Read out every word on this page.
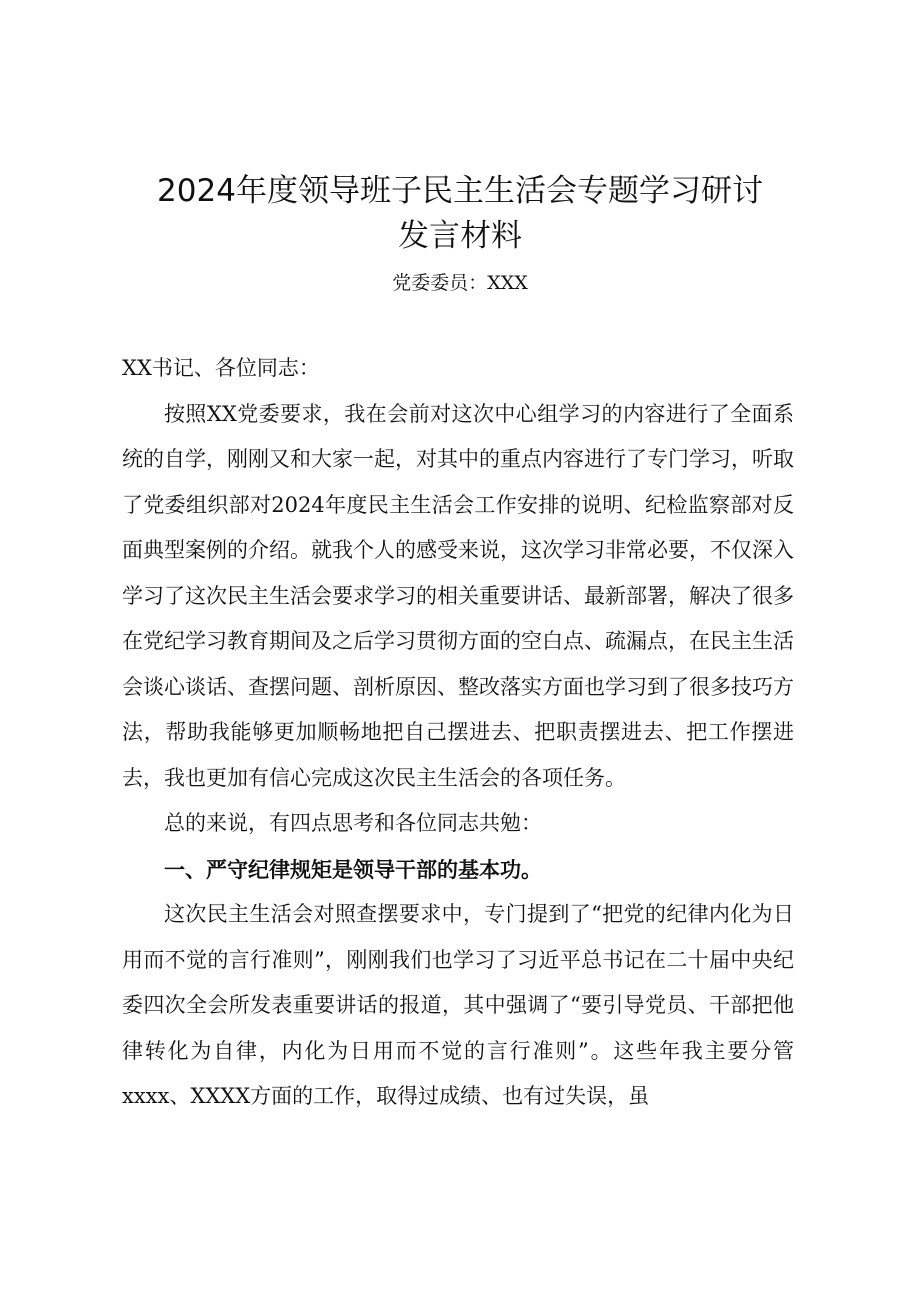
2024年度领导班子民主生活会专题学习研讨
发言材料
党委委员：XXX

XX书记、各位同志：

按照XX党委要求，我在会前对这次中心组学习的内容进行了全面系统的自学，刚刚又和大家一起，对其中的重点内容进行了专门学习，听取了党委组织部对2024年度民主生活会工作安排的说明、纪检监察部对反面典型案例的介绍。就我个人的感受来说，这次学习非常必要，不仅深入学习了这次民主生活会要求学习的相关重要讲话、最新部署，解决了很多在党纪学习教育期间及之后学习贯彻方面的空白点、疏漏点，在民主生活会谈心谈话、查摆问题、剖析原因、整改落实方面也学习到了很多技巧方法，帮助我能够更加顺畅地把自己摆进去、把职责摆进去、把工作摆进去，我也更加有信心完成这次民主生活会的各项任务。

总的来说，有四点思考和各位同志共勉：

一、严守纪律规矩是领导干部的基本功。

这次民主生活会对照查摆要求中，专门提到了“把党的纪律内化为日用而不觉的言行准则”，刚刚我们也学习了习近平总书记在二十届中央纪委四次全会所发表重要讲话的报道，其中强调了“要引导党员、干部把他律转化为自律，内化为日用而不觉的言行准则”。这些年我主要分管xxxx、XXXX方面的工作，取得过成绩、也有过失误，虽
